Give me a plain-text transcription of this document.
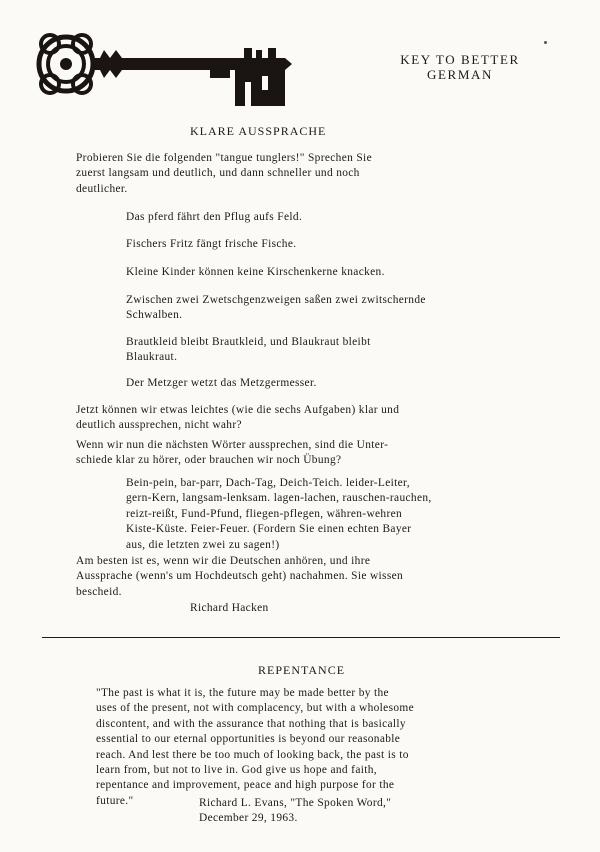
KEY TO BETTER
GERMAN
KLARE AUSSPRACHE
Probieren Sie die folgenden "tangue tunglers!" Sprechen Sie
zuerst langsam und deutlich, und dann schneller und noch
deutlicher.
Das pferd fährt den Pflug aufs Feld.
Fischers Fritz fängt frische Fische.
Kleine Kinder können keine Kirschenkerne knacken.
Zwischen zwei Zwetschgenzweigen saßen zwei zwitschernde
Schwalben.
Brautkleid bleibt Brautkleid, und Blaukraut bleibt
Blaukraut.
Der Metzger wetzt das Metzgermesser.
Jetzt können wir etwas leichtes (wie die sechs Aufgaben) klar und
deutlich aussprechen, nicht wahr?
Wenn wir nun die nächsten Wörter aussprechen, sind die Unter-
schiede klar zu hörer, oder brauchen wir noch Übung?
Bein-pein, bar-parr, Dach-Tag, Deich-Teich. leider-Leiter,
gern-Kern, langsam-lenksam. lagen-lachen, rauschen-rauchen,
reizt-reißt, Fund-Pfund, fliegen-pflegen, währen-wehren
Kiste-Küste. Feier-Feuer. (Fordern Sie einen echten Bayer
aus, die letzten zwei zu sagen!)
Am besten ist es, wenn wir die Deutschen anhören, und ihre
Aussprache (wenn's um Hochdeutsch geht) nachahmen. Sie wissen
bescheid.
Richard Hacken
REPENTANCE
"The past is what it is, the future may be made better by the
uses of the present, not with complacency, but with a wholesome
discontent, and with the assurance that nothing that is basically
essential to our eternal opportunities is beyond our reasonable
reach. And lest there be too much of looking back, the past is to
learn from, but not to live in. God give us hope and faith,
repentance and improvement, peace and high purpose for the
future."	Richard L. Evans, "The Spoken Word,"
December 29, 1963.
